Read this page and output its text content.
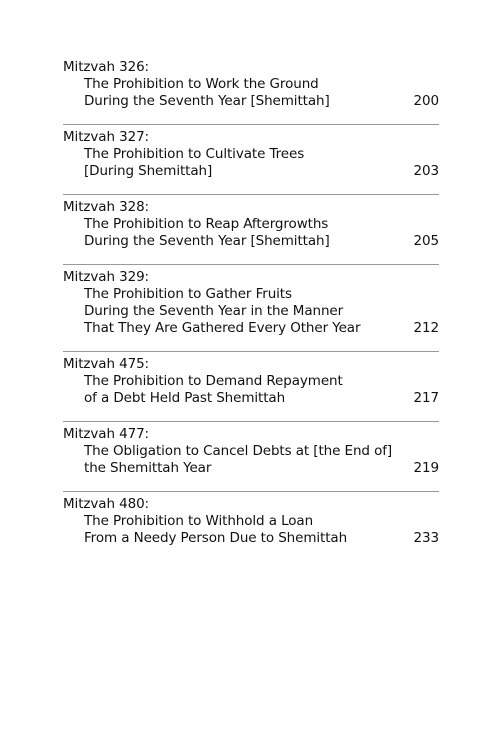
Mitzvah 326:
The Prohibition to Work the Ground
During the Seventh Year [Shemittah]	200
Mitzvah 327:
The Prohibition to Cultivate Trees
[During Shemittah]	203
Mitzvah 328:
The Prohibition to Reap Aftergrowths
During the Seventh Year [Shemittah]	205
Mitzvah 329:
The Prohibition to Gather Fruits
During the Seventh Year in the Manner
That They Are Gathered Every Other Year	212
Mitzvah 475:
The Prohibition to Demand Repayment
of a Debt Held Past Shemittah	217
Mitzvah 477:
The Obligation to Cancel Debts at [the End of]
the Shemittah Year	219
Mitzvah 480:
The Prohibition to Withhold a Loan
From a Needy Person Due to Shemittah	233
